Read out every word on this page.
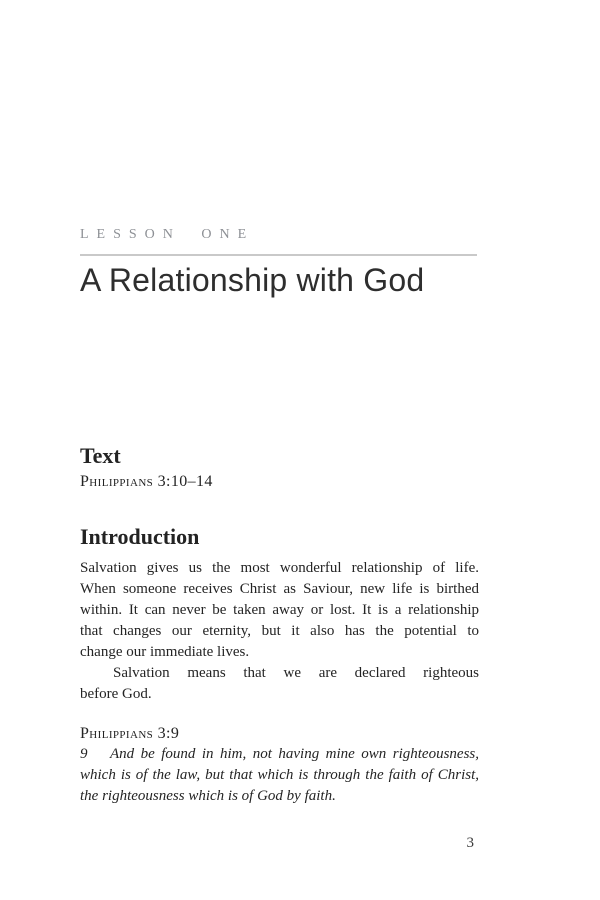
LESSON ONE
A Relationship with God
Text
Philippians 3:10–14
Introduction
Salvation gives us the most wonderful relationship of life.
When someone receives Christ as Saviour, new life is birthed
within. It can never be taken away or lost. It is a relationship
that changes our eternity, but it also has the potential to
change our immediate lives.
Salvation means that we are declared righteous
before God.
Philippians 3:9
9   And be found in him, not having mine own righteousness,
which is of the law, but that which is through the faith of Christ,
the righteousness which is of God by faith.
3
